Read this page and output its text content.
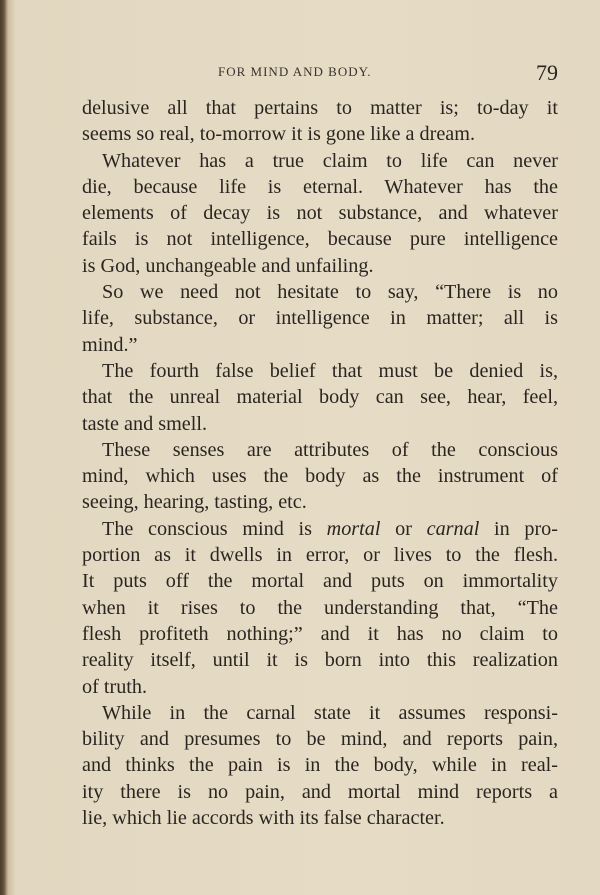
FOR MIND AND BODY.	79
delusive all that pertains to matter is; to-day it
seems so real, to-morrow it is gone like a dream.
Whatever has a true claim to life can never
die, because life is eternal. Whatever has the
elements of decay is not substance, and whatever
fails is not intelligence, because pure intelligence
is God, unchangeable and unfailing.
So we need not hesitate to say, “There is no
life, substance, or intelligence in matter; all is
mind.”
The fourth false belief that must be denied is,
that the unreal material body can see, hear, feel,
taste and smell.
These senses are attributes of the conscious
mind, which uses the body as the instrument of
seeing, hearing, tasting, etc.
The conscious mind is mortal or carnal in pro-
portion as it dwells in error, or lives to the flesh.
It puts off the mortal and puts on immortality
when it rises to the understanding that, “The
flesh profiteth nothing;” and it has no claim to
reality itself, until it is born into this realization
of truth.
While in the carnal state it assumes responsi-
bility and presumes to be mind, and reports pain,
and thinks the pain is in the body, while in real-
ity there is no pain, and mortal mind reports a
lie, which lie accords with its false character.
